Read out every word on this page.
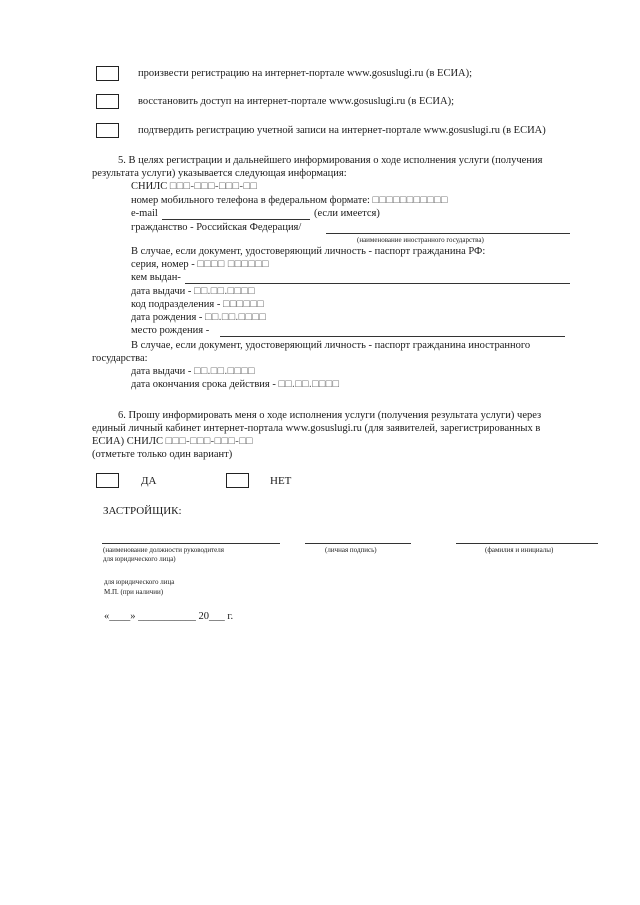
произвести регистрацию на интернет-портале www.gosuslugi.ru (в ЕСИА);
восстановить доступ на интернет-портале www.gosuslugi.ru (в ЕСИА);
подтвердить регистрацию учетной записи на интернет-портале www.gosuslugi.ru (в ЕСИА)
5. В целях регистрации и дальнейшего информирования о ходе исполнения услуги (получения
результата услуги) указывается следующая информация:
СНИЛС □□□-□□□-□□□-□□
номер мобильного телефона в федеральном формате: □□□□□□□□□□□
e-mail	(если имеется)
гражданство - Российская Федерация/
(наименование иностранного государства)
В случае, если документ, удостоверяющий личность - паспорт гражданина РФ:
серия, номер - □□□□ □□□□□□
кем выдан-
дата выдачи - □□.□□.□□□□
код подразделения - □□□□□□
дата рождения - □□.□□.□□□□
место рождения -
В случае, если документ, удостоверяющий личность - паспорт гражданина иностранного
государства:
дата выдачи - □□.□□.□□□□
дата окончания срока действия - □□.□□.□□□□
6. Прошу информировать меня о ходе исполнения услуги (получения результата услуги) через
единый личный кабинет интернет-портала www.gosuslugi.ru (для заявителей, зарегистрированных в
ЕСИА) СНИЛС □□□-□□□-□□□-□□
(отметьте только один вариант)
ДА	НЕТ
ЗАСТРОЙЩИК:
(наименование должности руководителя
для юридического лица)
(личная подпись)	(фамилия и инициалы)
для юридического лица
М.П. (при наличии)
«____» ___________ 20___ г.
